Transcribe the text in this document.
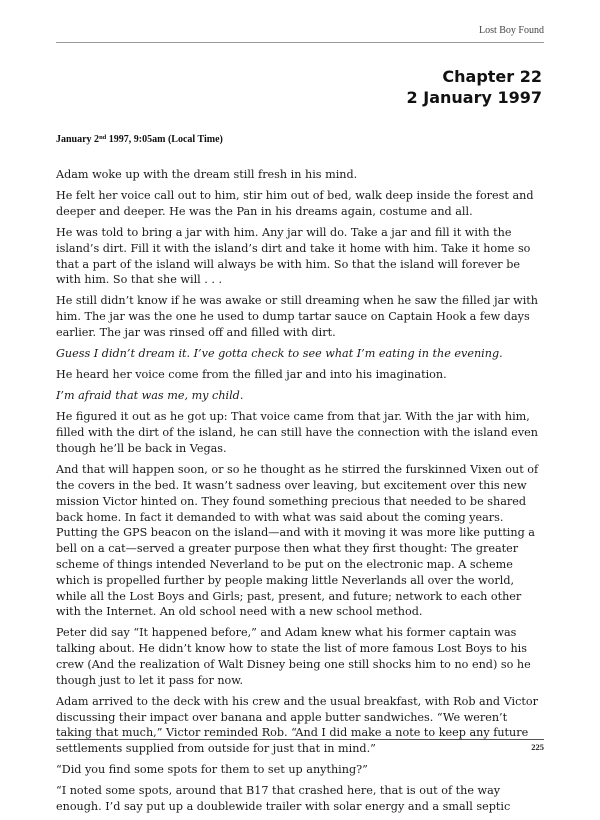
Lost Boy Found
Chapter 22
2 January 1997
January 2nd 1997, 9:05am (Local Time)

Adam woke up with the dream still fresh in his mind.

He felt her voice call out to him, stir him out of bed, walk deep inside the forest and deeper and deeper. He was the Pan in his dreams again, costume and all.

He was told to bring a jar with him. Any jar will do. Take a jar and fill it with the island’s dirt. Fill it with the island’s dirt and take it home with him. Take it home so that a part of the island will always be with him. So that the island will forever be with him. So that she will . . .

He still didn’t know if he was awake or still dreaming when he saw the filled jar with him. The jar was the one he used to dump tartar sauce on Captain Hook a few days earlier. The jar was rinsed off and filled with dirt.

Guess I didn’t dream it. I’ve gotta check to see what I’m eating in the evening.

He heard her voice come from the filled jar and into his imagination.

I’m afraid that was me, my child.

He figured it out as he got up: That voice came from that jar. With the jar with him, filled with the dirt of the island, he can still have the connection with the island even though he’ll be back in Vegas.

And that will happen soon, or so he thought as he stirred the furskinned Vixen out of the covers in the bed. It wasn’t sadness over leaving, but excitement over this new mission Victor hinted on. They found something precious that needed to be shared back home. In fact it demanded to with what was said about the coming years. Putting the GPS beacon on the island—and with it moving it was more like putting a bell on a cat—served a greater purpose then what they first thought: The greater scheme of things intended Neverland to be put on the electronic map. A scheme which is propelled further by people making little Neverlands all over the world, while all the Lost Boys and Girls; past, present, and future; network to each other with the Internet. An old school need with a new school method.

Peter did say “It happened before,” and Adam knew what his former captain was talking about. He didn’t know how to state the list of more famous Lost Boys to his crew (And the realization of Walt Disney being one still shocks him to no end) so he though just to let it pass for now.

Adam arrived to the deck with his crew and the usual breakfast, with Rob and Victor discussing their impact over banana and apple butter sandwiches. “We weren’t taking that much,” Victor reminded Rob. “And I did make a note to keep any future settlements supplied from outside for just that in mind.”

“Did you find some spots for them to set up anything?”

“I noted some spots, around that B17 that crashed here, that is out of the way enough. I’d say put up a doublewide trailer with solar energy and a small septic

225
